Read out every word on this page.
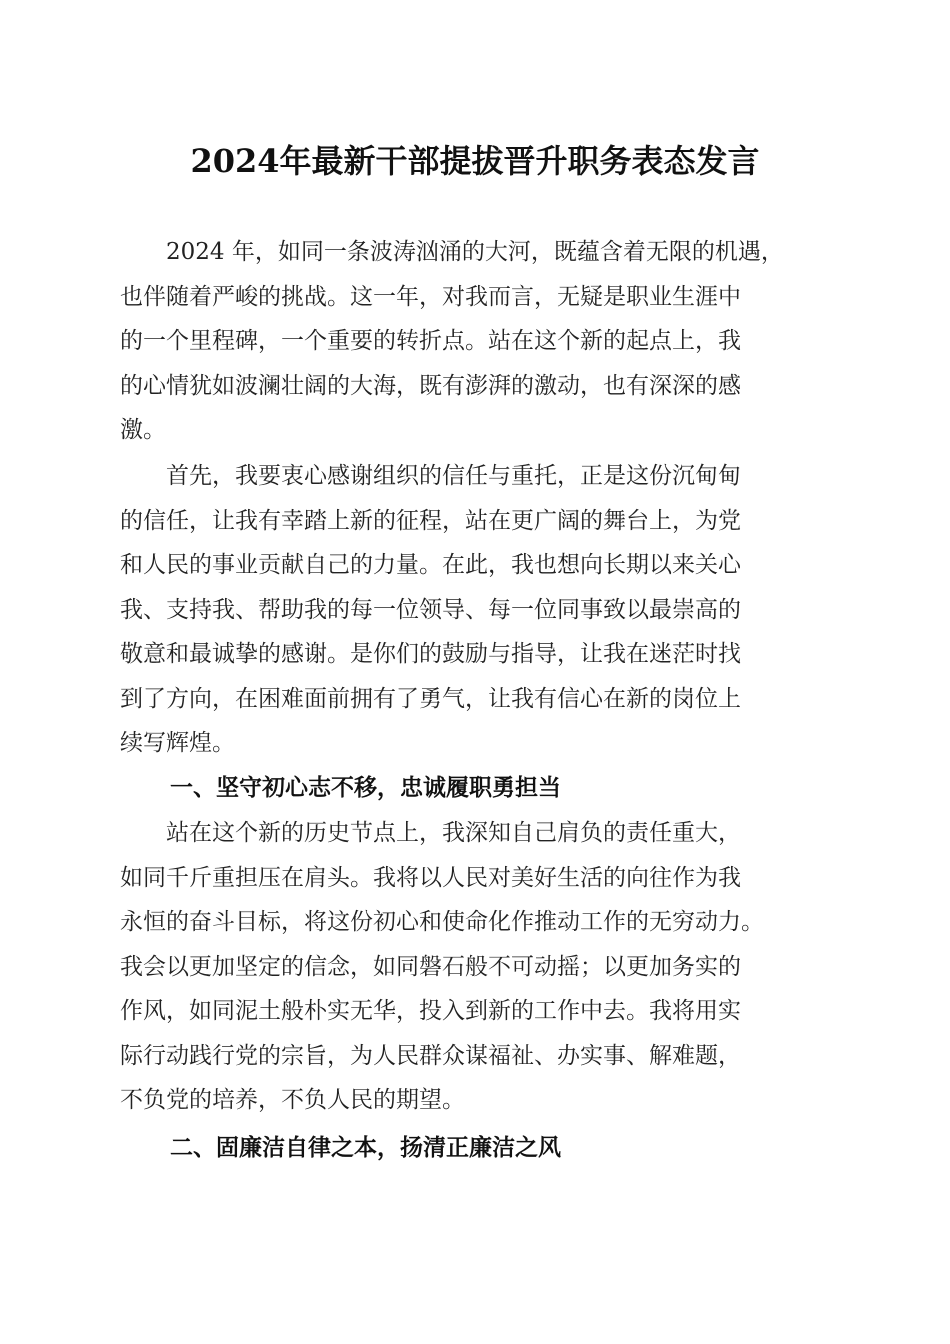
2024年最新干部提拔晋升职务表态发言
　　2024 年，如同一条波涛汹涌的大河，既蕴含着无限的机遇，
也伴随着严峻的挑战。这一年，对我而言，无疑是职业生涯中
的一个里程碑，一个重要的转折点。站在这个新的起点上，我
的心情犹如波澜壮阔的大海，既有澎湃的激动，也有深深的感
激。
　　首先，我要衷心感谢组织的信任与重托，正是这份沉甸甸
的信任，让我有幸踏上新的征程，站在更广阔的舞台上，为党
和人民的事业贡献自己的力量。在此，我也想向长期以来关心
我、支持我、帮助我的每一位领导、每一位同事致以最崇高的
敬意和最诚挚的感谢。是你们的鼓励与指导，让我在迷茫时找
到了方向，在困难面前拥有了勇气，让我有信心在新的岗位上
续写辉煌。
一、坚守初心志不移，忠诚履职勇担当
　　站在这个新的历史节点上，我深知自己肩负的责任重大，
如同千斤重担压在肩头。我将以人民对美好生活的向往作为我
永恒的奋斗目标，将这份初心和使命化作推动工作的无穷动力。
我会以更加坚定的信念，如同磐石般不可动摇；以更加务实的
作风，如同泥土般朴实无华，投入到新的工作中去。我将用实
际行动践行党的宗旨，为人民群众谋福祉、办实事、解难题，
不负党的培养，不负人民的期望。
二、固廉洁自律之本，扬清正廉洁之风
